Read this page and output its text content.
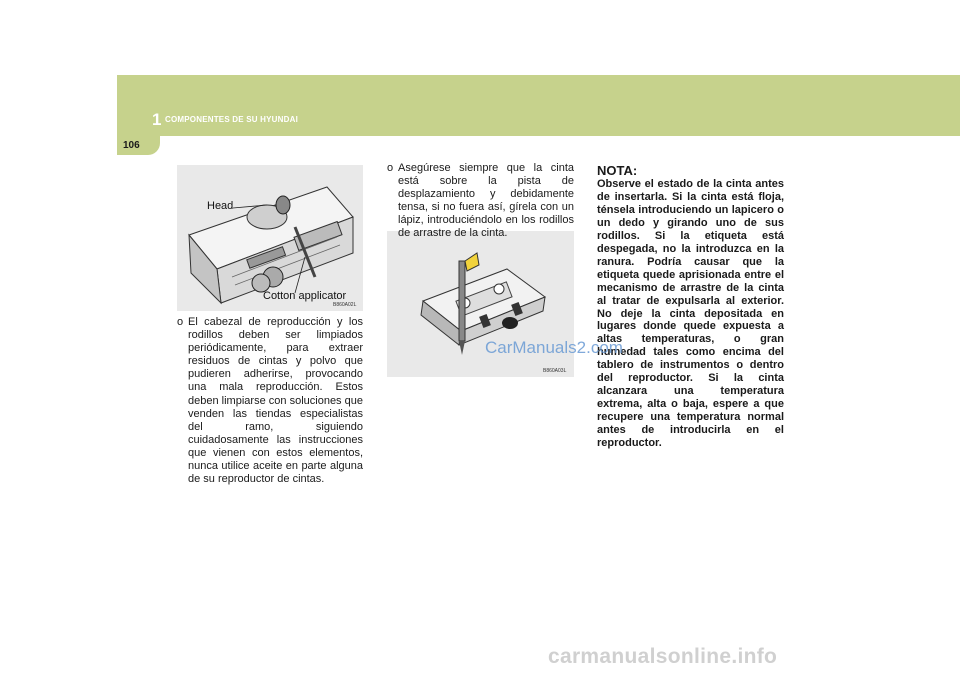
1 COMPONENTES DE SU HYUNDAI
106
Head
Cotton applicator
B860A02L
B860A03L
o El cabezal de reproducción y los rodillos deben ser limpiados periódicamente, para extraer residuos de cintas y polvo que pudieren adherirse, provocando una mala reproducción. Estos deben limpiarse con soluciones que venden las tiendas especialistas del ramo, siguiendo cuidadosamente las instrucciones que vienen con estos elementos, nunca utilice aceite en parte alguna de su reproductor de cintas.
o Asegúrese siempre que la cinta está sobre la pista de desplazamiento y debidamente tensa, si no fuera así, gírela con un lápiz, introduciéndolo en los rodillos de arrastre de la cinta.
NOTA:
Observe el estado de la cinta antes de insertarla. Si la cinta está floja, ténsela introduciendo un lapicero o un dedo y girando uno de sus rodillos. Si la etiqueta está despegada, no la introduzca en la ranura. Podría causar que la etiqueta quede aprisionada entre el mecanismo de arrastre de la cinta al tratar de expulsarla al exterior. No deje la cinta depositada en lugares donde quede expuesta a altas temperaturas, o gran humedad tales como encima del tablero de instrumentos o dentro del reproductor. Si la cinta alcanzara una temperatura extrema, alta o baja, espere a que recupere una temperatura normal antes de introducirla en el reproductor.
CarManuals2.com
carmanualsonline.info
